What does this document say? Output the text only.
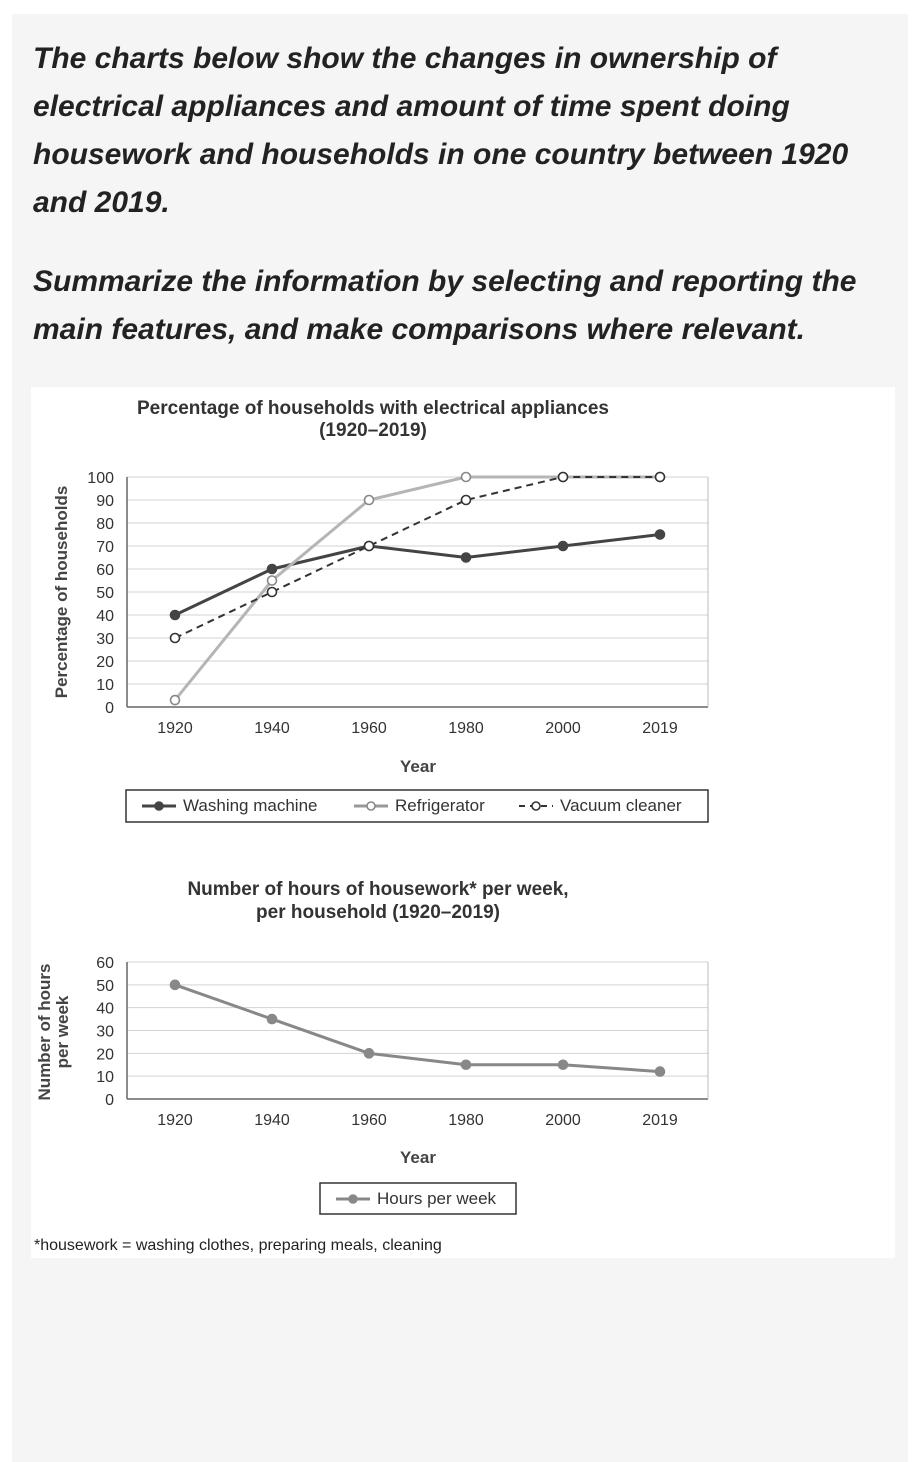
The charts below show the changes in ownership of electrical appliances and amount of time spent doing housework and households in one country between 1920 and 2019.

Summarize the information by selecting and reporting the main features, and make comparisons where relevant.

Percentage of households with electrical appliances
(1920–2019)
0
10
20
30
40
50
60
70
80
90
100
1920	1940	1960	1980	2000	2019
Year
Percentage of households
Washing machine	Refrigerator	Vacuum cleaner
Number of hours of housework* per week,
per household (1920–2019)
0
10
20
30
40
50
60
1920	1940	1960	1980	2000	2019
Year
Number of hours per week
Hours per week
*housework = washing clothes, preparing meals, cleaning
